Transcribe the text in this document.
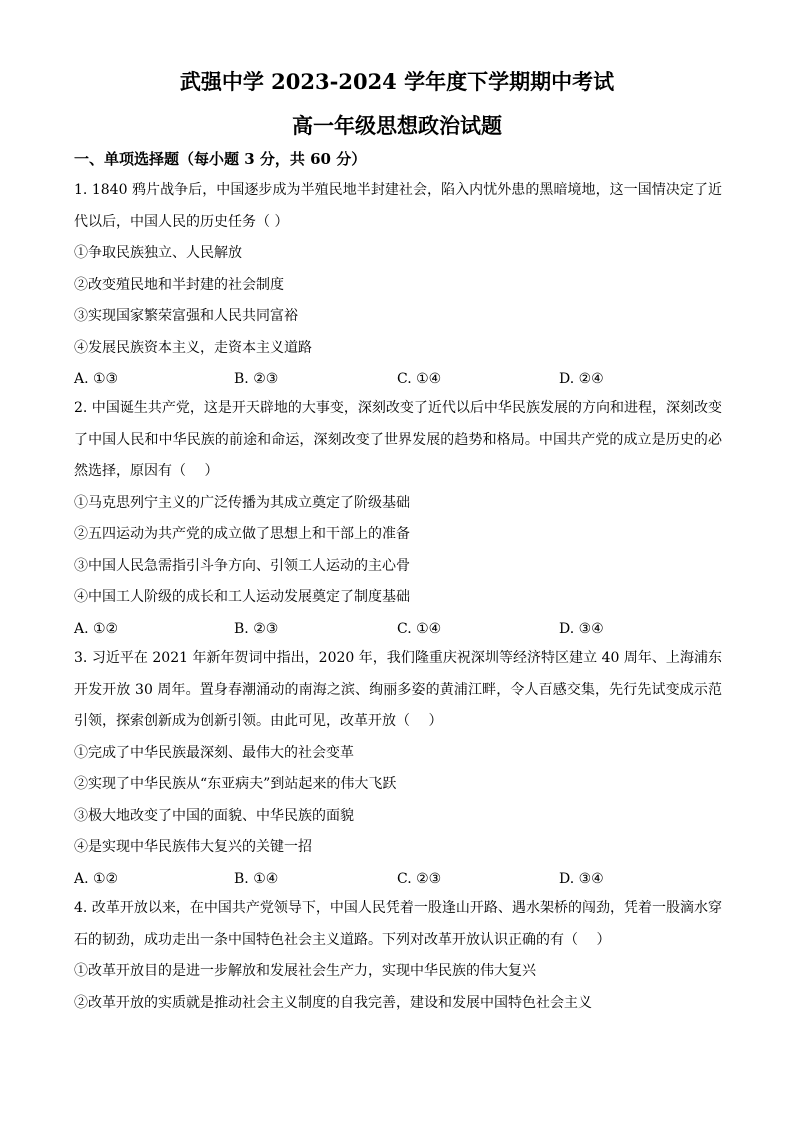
武强中学 2023-2024 学年度下学期期中考试
高一年级思想政治试题
一、单项选择题（每小题 3 分，共 60 分）
1. 1840 鸦片战争后，中国逐步成为半殖民地半封建社会，陷入内忧外患的黑暗境地，这一国情决定了近代以后，中国人民的历史任务（ ）
①争取民族独立、人民解放
②改变殖民地和半封建的社会制度
③实现国家繁荣富强和人民共同富裕
④发展民族资本主义，走资本主义道路
A. ①③	B. ②③	C. ①④	D. ②④
2. 中国诞生共产党，这是开天辟地的大事变，深刻改变了近代以后中华民族发展的方向和进程，深刻改变了中国人民和中华民族的前途和命运，深刻改变了世界发展的趋势和格局。中国共产党的成立是历史的必然选择，原因有（　 ）
①马克思列宁主义的广泛传播为其成立奠定了阶级基础
②五四运动为共产党的成立做了思想上和干部上的准备
③中国人民急需指引斗争方向、引领工人运动的主心骨
④中国工人阶级的成长和工人运动发展奠定了制度基础
A. ①②	B. ②③	C. ①④	D. ③④
3. 习近平在 2021 年新年贺词中指出，2020 年，我们隆重庆祝深圳等经济特区建立 40 周年、上海浦东开发开放 30 周年。置身春潮涌动的南海之滨、绚丽多姿的黄浦江畔，令人百感交集，先行先试变成示范引领，探索创新成为创新引领。由此可见，改革开放（　 ）
①完成了中华民族最深刻、最伟大的社会变革
②实现了中华民族从“东亚病夫”到站起来的伟大飞跃
③极大地改变了中国的面貌、中华民族的面貌
④是实现中华民族伟大复兴的关键一招
A. ①②	B. ①④	C. ②③	D. ③④
4. 改革开放以来，在中国共产党领导下，中国人民凭着一股逢山开路、遇水架桥的闯劲，凭着一股滴水穿石的韧劲，成功走出一条中国特色社会主义道路。下列对改革开放认识正确的有（　 ）
①改革开放目的是进一步解放和发展社会生产力，实现中华民族的伟大复兴
②改革开放的实质就是推动社会主义制度的自我完善，建设和发展中国特色社会主义
